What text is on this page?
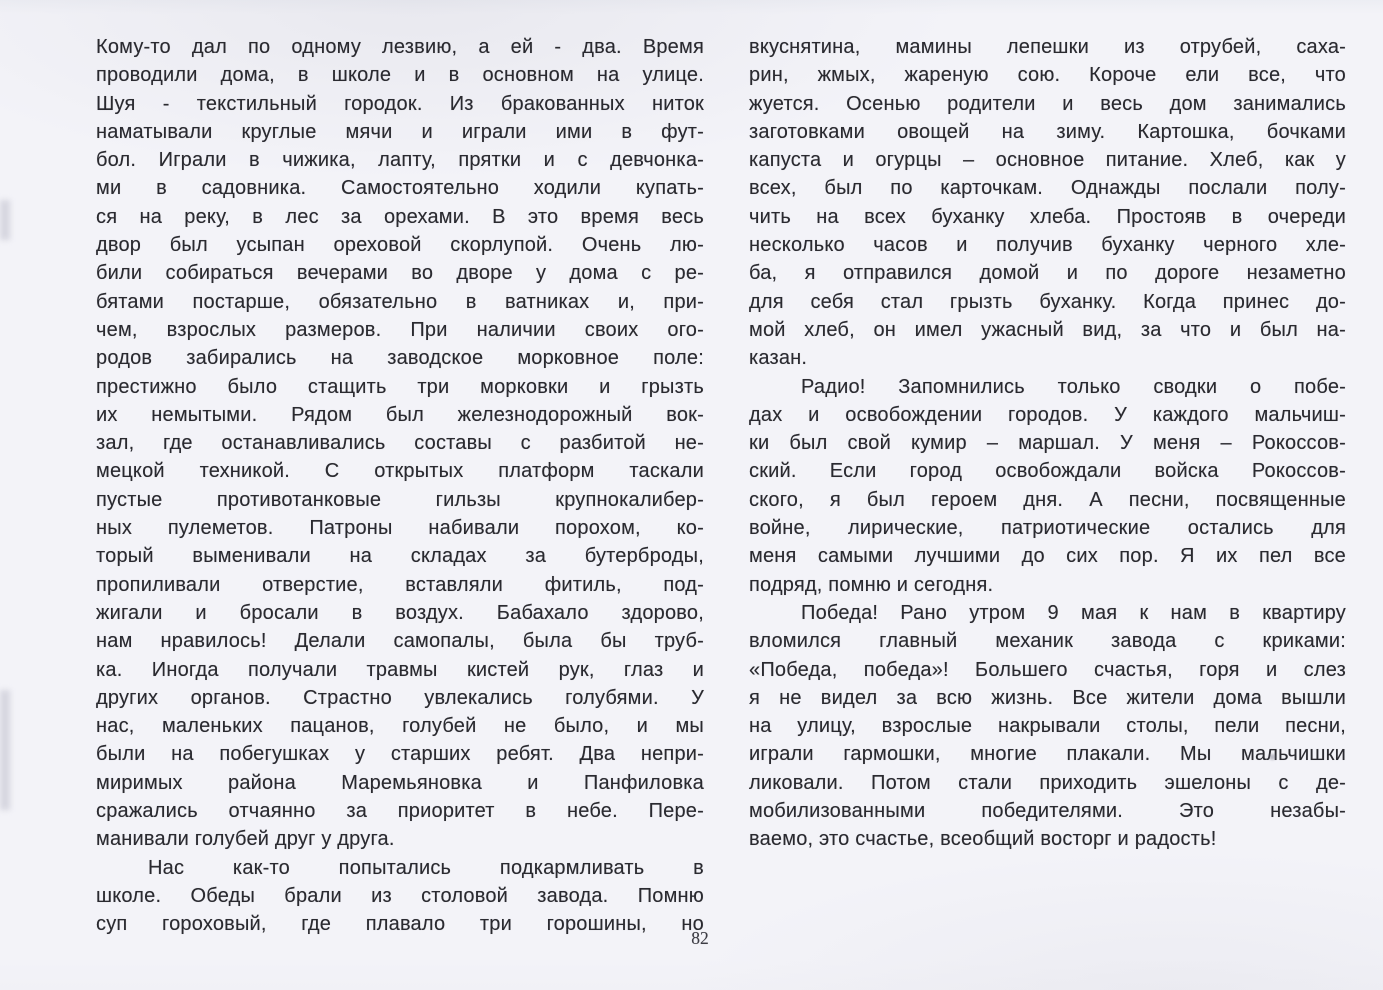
Кому-то дал по одному лезвию, а ей - два. Время
проводили дома, в школе и в основном на улице.
Шуя - текстильный городок. Из бракованных ниток
наматывали круглые мячи и играли ими в фут-
бол. Играли в чижика, лапту, прятки и с девчонка-
ми в садовника. Самостоятельно ходили купать-
ся на реку, в лес за орехами. В это время весь
двор был усыпан ореховой скорлупой. Очень лю-
били собираться вечерами во дворе у дома с ре-
бятами постарше, обязательно в ватниках и, при-
чем, взрослых размеров. При наличии своих ого-
родов забирались на заводское морковное поле:
престижно было стащить три морковки и грызть
их немытыми. Рядом был железнодорожный вок-
зал, где останавливались составы с разбитой не-
мецкой техникой. С открытых платформ таскали
пустые противотанковые гильзы крупнокалибер-
ных пулеметов. Патроны набивали порохом, ко-
торый выменивали на складах за бутерброды,
пропиливали отверстие, вставляли фитиль, под-
жигали и бросали в воздух. Бабахало здорово,
нам нравилось! Делали самопалы, была бы труб-
ка. Иногда получали травмы кистей рук, глаз и
других органов. Страстно увлекались голубями. У
нас, маленьких пацанов, голубей не было, и мы
были на побегушках у старших ребят. Два непри-
миримых района Маремьяновка и Панфиловка
сражались отчаянно за приоритет в небе. Пере-
манивали голубей друг у друга.
Нас как-то попытались подкармливать в
школе. Обеды брали из столовой завода. Помню
суп гороховый, где плавало три горошины, но
вкуснятина, мамины лепешки из отрубей, саха-
рин, жмых, жареную сою. Короче ели все, что
жуется. Осенью родители и весь дом занимались
заготовками овощей на зиму. Картошка, бочками
капуста и огурцы – основное питание. Хлеб, как у
всех, был по карточкам. Однажды послали полу-
чить на всех буханку хлеба. Простояв в очереди
несколько часов и получив буханку черного хле-
ба, я отправился домой и по дороге незаметно
для себя стал грызть буханку. Когда принес до-
мой хлеб, он имел ужасный вид, за что и был на-
казан.
Радио! Запомнились только сводки о побе-
дах и освобождении городов. У каждого мальчиш-
ки был свой кумир – маршал. У меня – Рокоссов-
ский. Если город освобождали войска Рокоссов-
ского, я был героем дня. А песни, посвященные
войне, лирические, патриотические остались для
меня самыми лучшими до сих пор. Я их пел все
подряд, помню и сегодня.
Победа! Рано утром 9 мая к нам в квартиру
вломился главный механик завода с криками:
«Победа, победа»! Большего счастья, горя и слез
я не видел за всю жизнь. Все жители дома вышли
на улицу, взрослые накрывали столы, пели песни,
играли гармошки, многие плакали. Мы мальчишки
ликовали. Потом стали приходить эшелоны с де-
мобилизованными победителями. Это незабы-
ваемо, это счастье, всеобщий восторг и радость!
82
